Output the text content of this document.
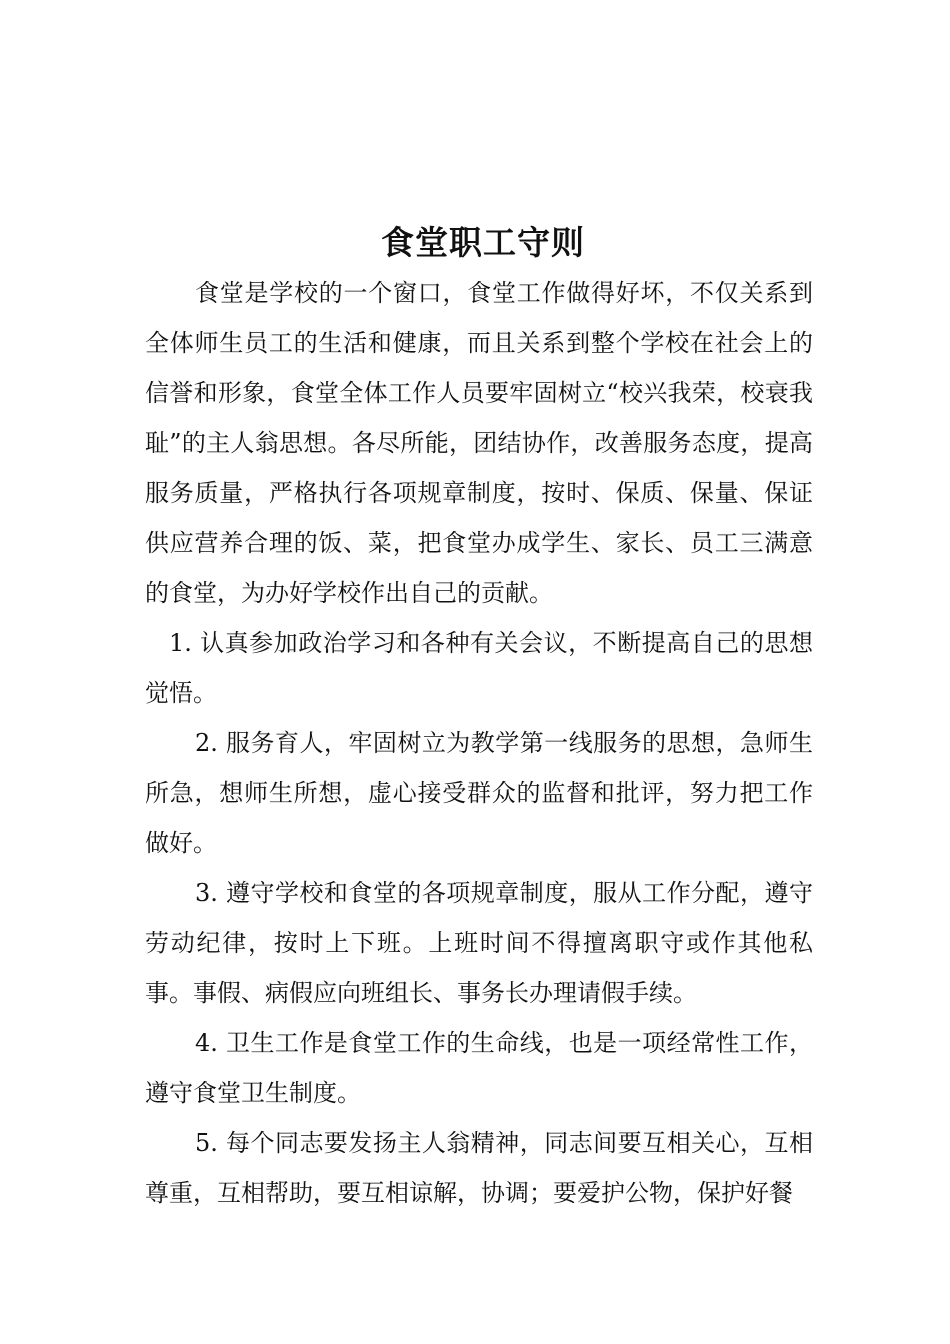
食堂职工守则

食堂是学校的一个窗口，食堂工作做得好坏，不仅关系到全体师生员工的生活和健康，而且关系到整个学校在社会上的信誉和形象，食堂全体工作人员要牢固树立“校兴我荣，校衰我耻”的主人翁思想。各尽所能，团结协作，改善服务态度，提高服务质量，严格执行各项规章制度，按时、保质、保量、保证供应营养合理的饭、菜，把食堂办成学生、家长、员工三满意的食堂，为办好学校作出自己的贡献。

1. 认真参加政治学习和各种有关会议，不断提高自己的思想觉悟。

2. 服务育人，牢固树立为教学第一线服务的思想，急师生所急，想师生所想，虚心接受群众的监督和批评，努力把工作做好。

3. 遵守学校和食堂的各项规章制度，服从工作分配，遵守劳动纪律，按时上下班。上班时间不得擅离职守或作其他私事。事假、病假应向班组长、事务长办理请假手续。

4. 卫生工作是食堂工作的生命线，也是一项经常性工作，遵守食堂卫生制度。

5. 每个同志要发扬主人翁精神，同志间要互相关心，互相尊重，互相帮助，要互相谅解，协调；要爱护公物，保护好餐
